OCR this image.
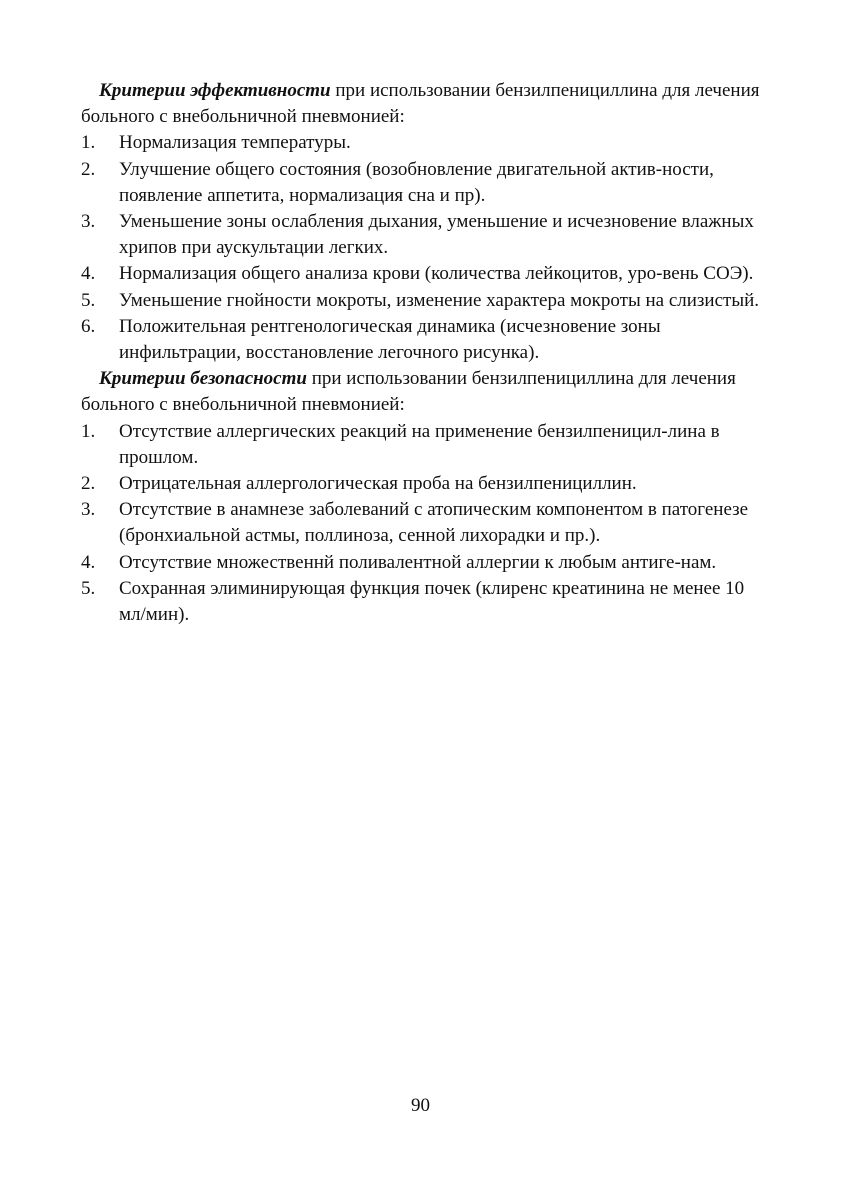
Критерии эффективности при использовании бензилпенициллина для лечения больного с внебольничной пневмонией:

1.	Нормализация температуры.
2.	Улучшение общего состояния (возобновление двигательной актив-ности, появление аппетита, нормализация сна и пр).
3.	Уменьшение зоны ослабления дыхания, уменьшение и исчезновение влажных хрипов при аускультации легких.
4.	Нормализация общего анализа крови (количества лейкоцитов, уро-вень СОЭ).
5.	Уменьшение гнойности мокроты, изменение характера мокроты на слизистый.
6.	Положительная рентгенологическая динамика (исчезновение зоны инфильтрации, восстановление легочного рисунка).

Критерии безопасности при использовании бензилпенициллина для лечения больного с внебольничной пневмонией:

1.	Отсутствие аллергических реакций на применение бензилпеницил-лина в прошлом.
2.	Отрицательная аллергологическая проба на бензилпенициллин.
3.	Отсутствие в анамнезе заболеваний с атопическим компонентом в патогенезе (бронхиальной астмы, поллиноза, сенной лихорадки и пр.).
4.	Отсутствие множественнй поливалентной аллергии к любым антиге-нам.
5.	Сохранная элиминирующая функция почек (клиренс креатинина не менее 10 мл/мин).
90
